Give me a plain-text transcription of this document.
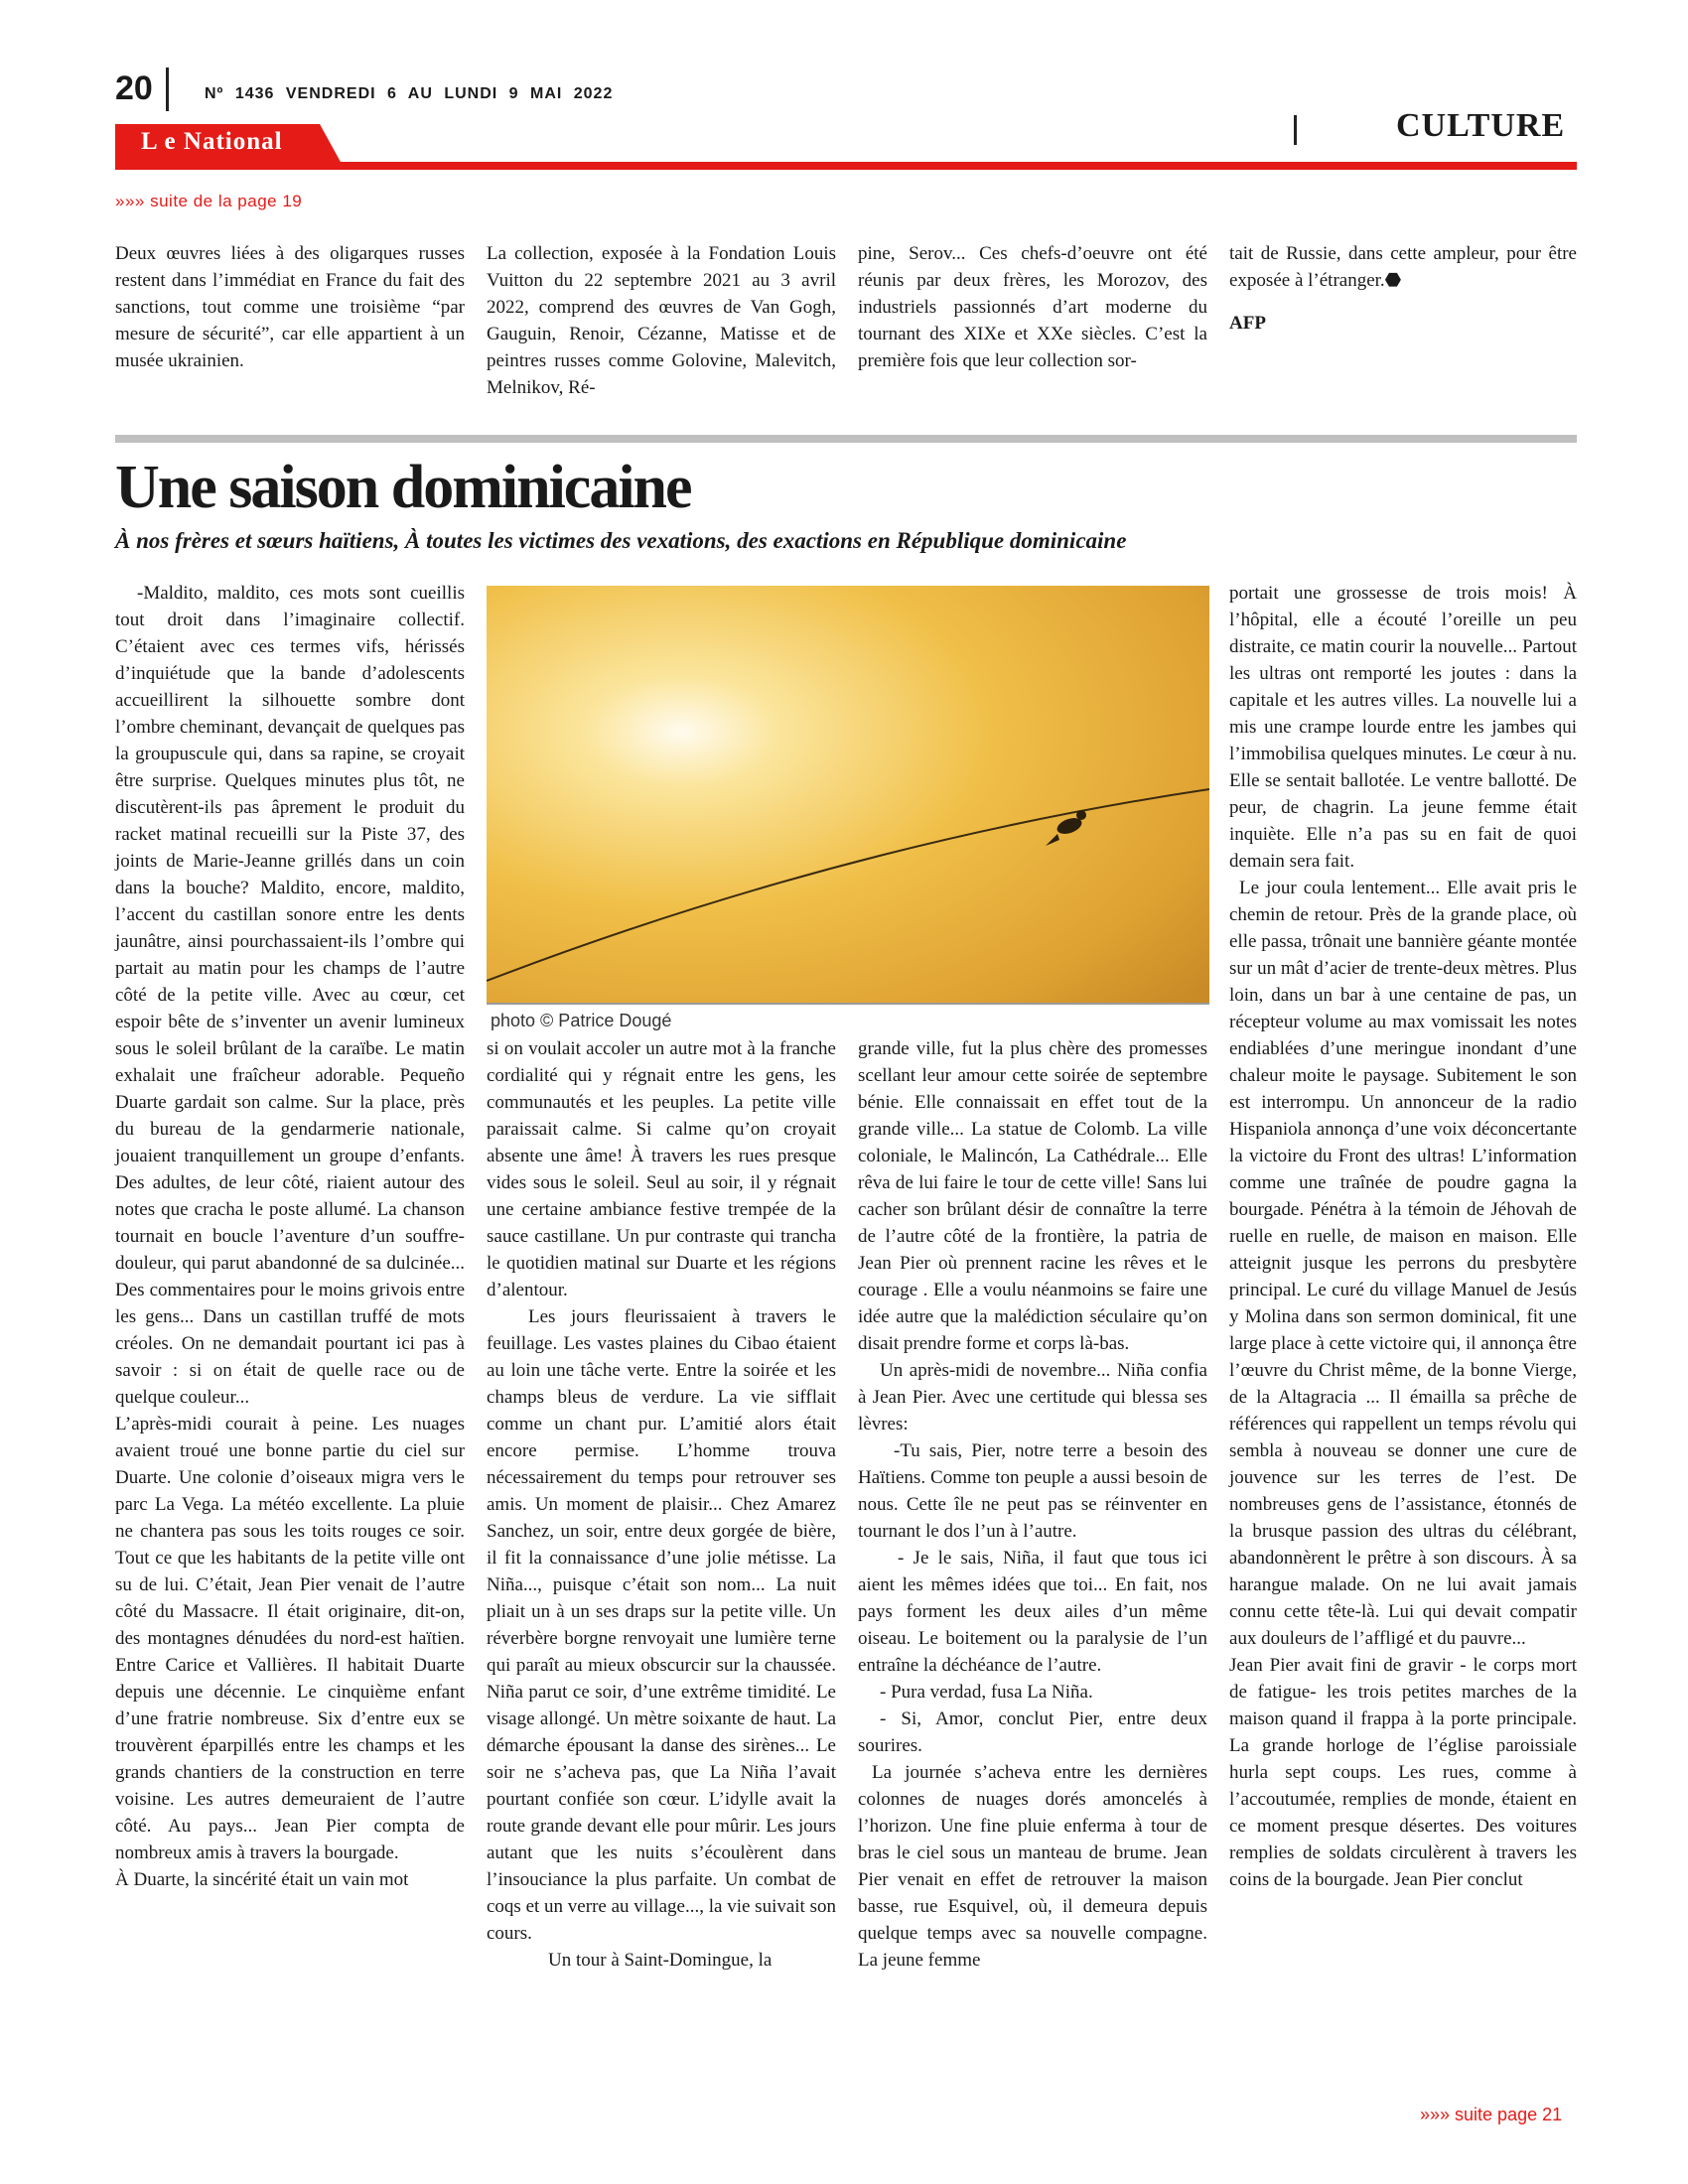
20	Nº 1436 VENDREDI 6 AU LUNDI 9 MAI 2022
L e National	CULTURE
»»» suite de la page 19

Deux œuvres liées à des oligarques russes restent dans l’immédiat en France du fait des sanctions, tout comme une troisième “par mesure de sécurité”, car elle appartient à un musée ukrainien.

La collection, exposée à la Fondation Louis Vuitton du 22 septembre 2021 au 3 avril 2022, comprend des œuvres de Van Gogh, Gauguin, Renoir, Cézanne, Matisse et de peintres russes comme Golovine, Malevitch, Melnikov, Ré-

pine, Serov... Ces chefs-d’oeuvre ont été réunis par deux frères, les Morozov, des industriels passionnés d’art moderne du tournant des XIXe et XXe siècles. C’est la première fois que leur collection sor-

tait de Russie, dans cette ampleur, pour être exposée à l’étranger.⬣

AFP

Une saison dominicaine
À nos frères et sœurs haïtiens, À toutes les victimes des vexations, des exactions en République dominicaine

-Maldito, maldito, ces mots sont cueillis tout droit dans l’imaginaire collectif. C’étaient avec ces termes vifs, hérissés d’inquiétude que la bande d’adolescents accueillirent la silhouette sombre dont l’ombre cheminant, devançait de quelques pas la groupuscule qui, dans sa rapine, se croyait être surprise. Quelques minutes plus tôt, ne discutèrent-ils pas âprement le produit du racket matinal recueilli sur la Piste 37, des joints de Marie-Jeanne grillés dans un coin dans la bouche? Maldito, encore, maldito, l’accent du castillan sonore entre les dents jaunâtre, ainsi pourchassaient-ils l’ombre qui partait au matin pour les champs de l’autre côté de la petite ville. Avec au cœur, cet espoir bête de s’inventer un avenir lumineux sous le soleil brûlant de la caraïbe. Le matin exhalait une fraîcheur adorable. Pequeño Duarte gardait son calme. Sur la place, près du bureau de la gendarmerie nationale, jouaient tranquillement un groupe d’enfants. Des adultes, de leur côté, riaient autour des notes que cracha le poste allumé. La chanson tournait en boucle l’aventure d’un souffre-douleur, qui parut abandonné de sa dulcinée... Des commentaires pour le moins grivois entre les gens... Dans un castillan truffé de mots créoles. On ne demandait pourtant ici pas à savoir : si on était de quelle race ou de quelque couleur...

L’après-midi courait à peine. Les nuages avaient troué une bonne partie du ciel sur Duarte. Une colonie d’oiseaux migra vers le parc La Vega. La météo excellente. La pluie ne chantera pas sous les toits rouges ce soir. Tout ce que les habitants de la petite ville ont su de lui. C’était, Jean Pier venait de l’autre côté du Massacre. Il était originaire, dit-on, des montagnes dénudées du nord-est haïtien. Entre Carice et Vallières. Il habitait Duarte depuis une décennie. Le cinquième enfant d’une fratrie nombreuse. Six d’entre eux se trouvèrent éparpillés entre les champs et les grands chantiers de la construction en terre voisine. Les autres demeuraient de l’autre côté. Au pays... Jean Pier compta de nombreux amis à travers la bourgade.

À Duarte, la sincérité était un vain mot

photo © Patrice Dougé

si on voulait accoler un autre mot à la franche cordialité qui y régnait entre les gens, les communautés et les peuples. La petite ville paraissait calme. Si calme qu’on croyait absente une âme! À travers les rues presque vides sous le soleil. Seul au soir, il y régnait une certaine ambiance festive trempée de la sauce castillane. Un pur contraste qui trancha le quotidien matinal sur Duarte et les régions d’alentour.

Les jours fleurissaient à travers le feuillage. Les vastes plaines du Cibao étaient au loin une tâche verte. Entre la soirée et les champs bleus de verdure. La vie sifflait comme un chant pur. L’amitié alors était encore permise. L’homme trouva nécessairement du temps pour retrouver ses amis. Un moment de plaisir... Chez Amarez Sanchez, un soir, entre deux gorgée de bière, il fit la connaissance d’une jolie métisse. La Niña..., puisque c’était son nom... La nuit pliait un à un ses draps sur la petite ville. Un réverbère borgne renvoyait une lumière terne qui paraît au mieux obscurcir sur la chaussée. Niña parut ce soir, d’une extrême timidité. Le visage allongé. Un mètre soixante de haut. La démarche épousant la danse des sirènes... Le soir ne s’acheva pas, que La Niña l’avait pourtant confiée son cœur. L’idylle avait la route grande devant elle pour mûrir. Les jours autant que les nuits s’écoulèrent dans l’insouciance la plus parfaite. Un combat de coqs et un verre au village..., la vie suivait son cours.

Un tour à Saint-Domingue, la

grande ville, fut la plus chère des promesses scellant leur amour cette soirée de septembre bénie. Elle connaissait en effet tout de la grande ville... La statue de Colomb. La ville coloniale, le Malincón, La Cathédrale... Elle rêva de lui faire le tour de cette ville! Sans lui cacher son brûlant désir de connaître la terre de l’autre côté de la frontière, la patria de Jean Pier où prennent racine les rêves et le courage . Elle a voulu néanmoins se faire une idée autre que la malédiction séculaire qu’on disait prendre forme et corps là-bas.

Un après-midi de novembre... Niña confia à Jean Pier. Avec une certitude qui blessa ses lèvres:

-Tu sais, Pier, notre terre a besoin des Haïtiens. Comme ton peuple a aussi besoin de nous. Cette île ne peut pas se réinventer en tournant le dos l’un à l’autre.

- Je le sais, Niña, il faut que tous ici aient les mêmes idées que toi... En fait, nos pays forment les deux ailes d’un même oiseau. Le boitement ou la paralysie de l’un entraîne la déchéance de l’autre.

- Pura verdad, fusa La Niña.

- Si, Amor, conclut Pier, entre deux sourires.

La journée s’acheva entre les dernières colonnes de nuages dorés amoncelés à l’horizon. Une fine pluie enferma à tour de bras le ciel sous un manteau de brume. Jean Pier venait en effet de retrouver la maison basse, rue Esquivel, où, il demeura depuis quelque temps avec sa nouvelle compagne. La jeune femme

portait une grossesse de trois mois! À l’hôpital, elle a écouté l’oreille un peu distraite, ce matin courir la nouvelle... Partout les ultras ont remporté les joutes : dans la capitale et les autres villes. La nouvelle lui a mis une crampe lourde entre les jambes qui l’immobilisa quelques minutes. Le cœur à nu. Elle se sentait ballotée. Le ventre ballotté. De peur, de chagrin. La jeune femme était inquiète. Elle n’a pas su en fait de quoi demain sera fait.

Le jour coula lentement... Elle avait pris le chemin de retour. Près de la grande place, où elle passa, trônait une bannière géante montée sur un mât d’acier de trente-deux mètres. Plus loin, dans un bar à une centaine de pas, un récepteur volume au max vomissait les notes endiablées d’une meringue inondant d’une chaleur moite le paysage. Subitement le son est interrompu. Un annonceur de la radio Hispaniola annonça d’une voix déconcertante la victoire du Front des ultras! L’information comme une traînée de poudre gagna la bourgade. Pénétra à la témoin de Jéhovah de ruelle en ruelle, de maison en maison. Elle atteignit jusque les perrons du presbytère principal. Le curé du village Manuel de Jesús y Molina dans son sermon dominical, fit une large place à cette victoire qui, il annonça être l’œuvre du Christ même, de la bonne Vierge, de la Altagracia ... Il émailla sa prêche de références qui rappellent un temps révolu qui sembla à nouveau se donner une cure de jouvence sur les terres de l’est. De nombreuses gens de l’assistance, étonnés de la brusque passion des ultras du célébrant, abandonnèrent le prêtre à son discours. À sa harangue malade. On ne lui avait jamais connu cette tête-là. Lui qui devait compatir aux douleurs de l’affligé et du pauvre...

Jean Pier avait fini de gravir - le corps mort de fatigue- les trois petites marches de la maison quand il frappa à la porte principale. La grande horloge de l’église paroissiale hurla sept coups. Les rues, comme à l’accoutumée, remplies de monde, étaient en ce moment presque désertes. Des voitures remplies de soldats circulèrent à travers les coins de la bourgade. Jean Pier conclut

»»» suite page 21
